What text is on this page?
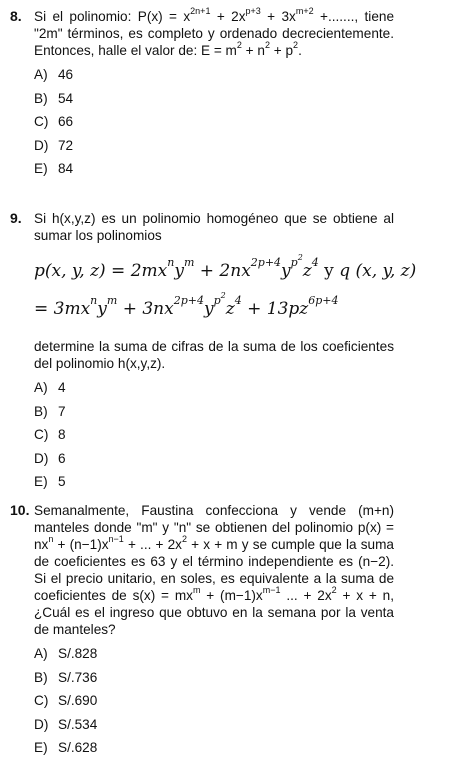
8. Si el polinomio: $P(x) = x^{2n+1} + 2x^{p+3} + 3x^{m+2}$ +......., tiene "2m" términos, es completo y ordenado decrecientemente. Entonces, halle el valor de: $E = m^2 + n^2 + p^2$.

A) 46
B) 54
C) 66
D) 72
E) 84
9. Si h(x,y,z) es un polinomio homogéneo que se obtiene al sumar los polinomios

p(x, y, $z) = 2mx^ny^m + 2nx^{2p+4}y^{p^2}z^4$ y q (x, y, z)
= $3mx^ny^m + 3nx^{2p+4}y^{p^2}z^4 + 13pz^{6p+4}$

determine la suma de cifras de la suma de los coeficientes del polinomio h(x,y,z).

A) 4
B) 7
C) 8
D) 6
E) 5
10. Semanalmente, Faustina confecciona y vende (m+n) manteles donde "m" y "n" se obtienen del polinomio $p(x) = nx^n + (n-1)x^{n-1}$ + ... + $2x^2 + x + m$ y se cumple que la suma de coeficientes es 63 y el término independiente es (n−2). Si el precio unitario, en soles, es equivalente a la suma de coeficientes de $s(x) = mx^m + (m-1)x^{m-1}$ ... + $2x^2 + x + n$, ¿Cuál es el ingreso que obtuvo en la semana por la venta de manteles?

A) S/.828
B) S/.736
C) S/.690
D) S/.534
E) S/.628
